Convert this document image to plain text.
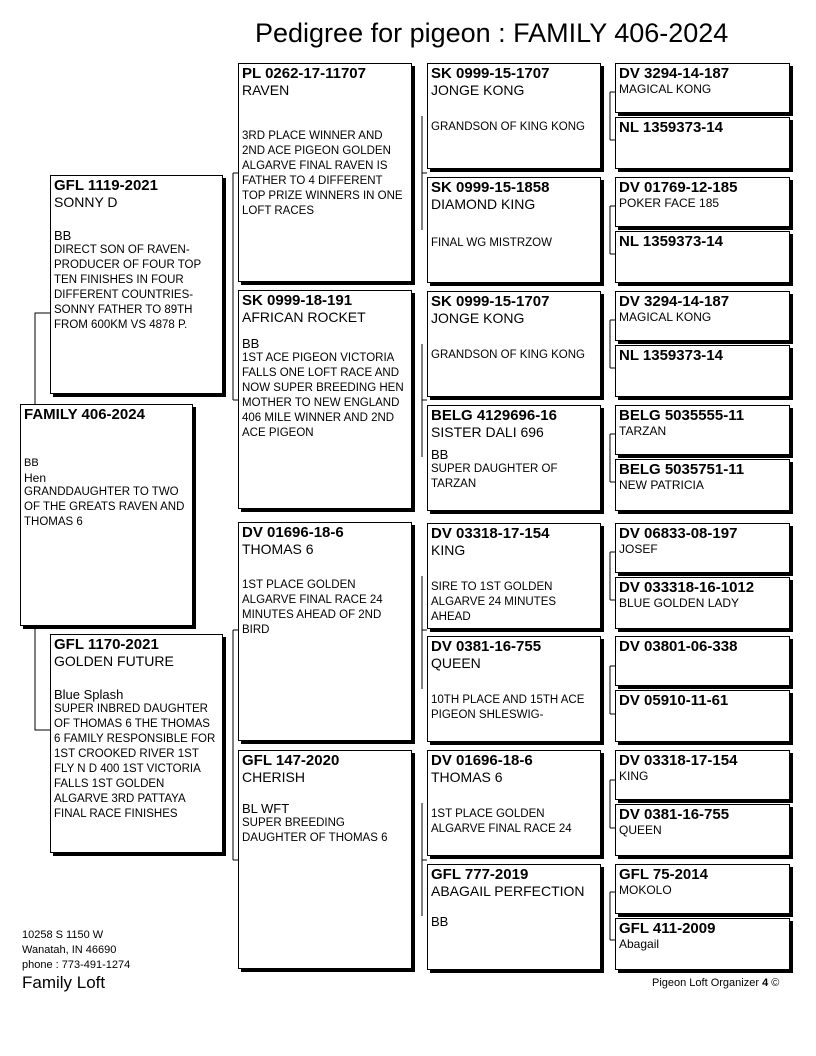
Pedigree for pigeon : FAMILY 406-2024
FAMILY 406-2024
BB
Hen
GRANDDAUGHTER TO TWO OF THE GREATS RAVEN AND THOMAS 6
GFL 1119-2021
SONNY D
BB
DIRECT SON OF RAVEN- PRODUCER OF FOUR TOP TEN FINISHES IN FOUR DIFFERENT COUNTRIES- SONNY FATHER TO 89TH FROM 600KM VS 4878 P.
GFL 1170-2021
GOLDEN FUTURE
Blue Splash
SUPER INBRED DAUGHTER OF THOMAS 6 THE THOMAS 6 FAMILY RESPONSIBLE FOR 1ST CROOKED RIVER 1ST FLY N D 400 1ST VICTORIA FALLS 1ST GOLDEN ALGARVE 3RD PATTAYA FINAL RACE FINISHES
PL 0262-17-11707
RAVEN
3RD PLACE WINNER AND 2ND ACE PIGEON GOLDEN ALGARVE FINAL RAVEN IS FATHER TO 4 DIFFERENT TOP PRIZE WINNERS IN ONE LOFT RACES
SK 0999-18-191
AFRICAN ROCKET
BB
1ST ACE PIGEON VICTORIA FALLS ONE LOFT RACE AND NOW SUPER BREEDING HEN MOTHER TO NEW ENGLAND 406 MILE WINNER AND 2ND ACE PIGEON
DV 01696-18-6
THOMAS 6
1ST PLACE GOLDEN ALGARVE FINAL RACE 24 MINUTES AHEAD OF 2ND BIRD
GFL 147-2020
CHERISH
BL WFT
SUPER BREEDING DAUGHTER OF THOMAS 6
SK 0999-15-1707
JONGE KONG
GRANDSON OF KING KONG
SK 0999-15-1858
DIAMOND KING
FINAL WG MISTRZOW
SK 0999-15-1707
JONGE KONG
GRANDSON OF KING KONG
BELG 4129696-16
SISTER DALI 696
BB
SUPER DAUGHTER OF TARZAN
DV 03318-17-154
KING
SIRE TO 1ST GOLDEN ALGARVE 24 MINUTES AHEAD
DV 0381-16-755
QUEEN
10TH PLACE AND 15TH ACE PIGEON SHLESWIG-
DV 01696-18-6
THOMAS 6
1ST PLACE GOLDEN ALGARVE FINAL RACE 24
GFL 777-2019
ABAGAIL PERFECTION
BB
DV 3294-14-187
MAGICAL KONG
NL 1359373-14
DV 01769-12-185
POKER FACE 185
NL 1359373-14
DV 3294-14-187
MAGICAL KONG
NL 1359373-14
BELG 5035555-11
TARZAN
BELG 5035751-11
NEW PATRICIA
DV 06833-08-197
JOSEF
DV 033318-16-1012
BLUE GOLDEN LADY
DV 03801-06-338
DV 05910-11-61
DV 03318-17-154
KING
DV 0381-16-755
QUEEN
GFL 75-2014
MOKOLO
GFL 411-2009
Abagail
10258 S 1150 W
Wanatah, IN 46690
phone : 773-491-1274
Family Loft	Pigeon Loft Organizer 4 ©
